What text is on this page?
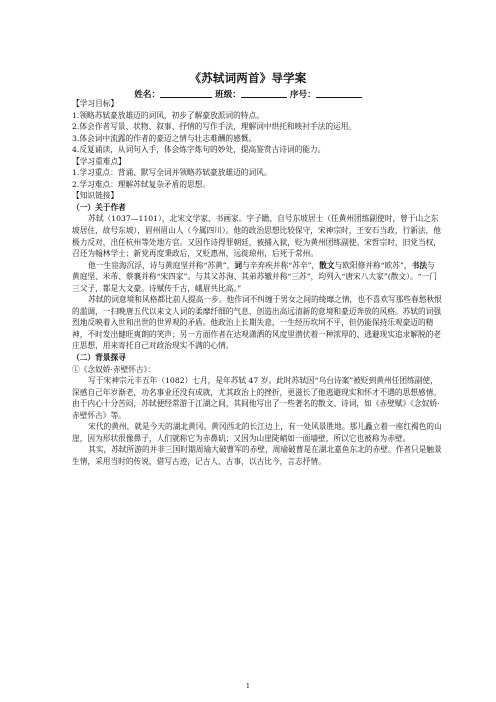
《苏轼词两首》导学案
姓名：	班级：	序号：

【学习目标】

1.领略苏轼豪放雄迈的词风，初步了解豪放派词的特点。

2.体会作者写景、状物、叙事、抒情的写作手法，理解词中烘托和映衬手法的运用。

3.体会词中流露的作者的豪迈之情与壮志难酬的感慨。

4.反复诵读，从词句入手，体会炼字炼句的妙处，提高鉴赏古诗词的能力。

【学习重难点】

1.学习重点：背诵、默写全词并领略苏轼豪放雄迈的词风。

2.学习难点：理解苏轼复杂矛盾的思想。

【知识链接】

（一）关于作者

苏轼（1037—1101），北宋文学家、书画家。字子瞻，自号东坡居士（任黄州团练副使时，曾于山之东坡居住，故号东坡），眉州眉山人（今属四川）。他的政治思想比较保守，宋神宗时，王安石当政，行新法，他极力反对，出任杭州等处地方官。又因作诗得罪朝廷，被捕入狱，贬为黄州团练副使。宋哲宗时，旧党当权，召还为翰林学士；新党再度秉政后，又贬惠州，远徙琼州，后死于常州。

他一生宦海沉浮，诗与黄庭坚并称“苏黄”，词与辛弃疾并称“苏辛”，散文与欧阳修并称“欧苏”，书法与黄庭坚、米芾、蔡襄并称“宋四家”。与其父苏洵、其弟苏辙并称“三苏”，均列入“唐宋八大家”(散文）。“一门三父子，都是大文豪。诗赋传千古，峨眉共比高。”

苏轼的词意境和风格都比前人提高一步。他作词不纠缠于男女之间的绮靡之情，也不喜欢写那些春愁秋恨的滥调，一扫晚唐五代以来文人词的柔靡纤细的气息，创造出高远清新的意境和豪迈奔放的风格。苏轼的词强烈地反映着入世和出世的世界观的矛盾。他政治上长期失意，一生经历坎坷不平，但仍能保持乐观豪迈的精神，不时发出健旺爽朗的笑声；另一方面作者在达观潇洒的风度里潜伏着一种浓厚的、逃避现实追求解脱的老庄思想，用来寄托自己对政治现实不满的心情。

（二）背景探寻

①《念奴娇·赤壁怀古》：

写于宋神宗元丰五年（1082）七月，是年苏轼 47 岁。此时苏轼因“乌台诗案”被贬到黄州任团练副使，深感自己年岁渐老，功名事业还没有成就，尤其政治上的挫折，更滋长了他逃避现实和怀才不遇的思想感情。由于内心十分苦闷，苏轼便经常游于江湖之间，其间他写出了一些著名的散文、诗词，如《赤壁赋》《念奴娇·赤壁怀古》等。

宋代的黄州，就是今天的湖北黄冈。黄冈西北的长江边上，有一处风景胜地。那儿矗立着一座红褐色的山崖，因为形状很像鼻子，人们就称它为赤鼻矶；又因为山崖陡峭如一面墙壁，所以它也被称为赤壁。

其实，苏轼所游的并非三国时期周瑜大破曹军的赤壁，周瑜破曹是在湖北嘉鱼东北的赤壁。作者只是触景生情，采用当时的传说，借写古迹，记古人、古事，以古比今，言志抒情。

1
